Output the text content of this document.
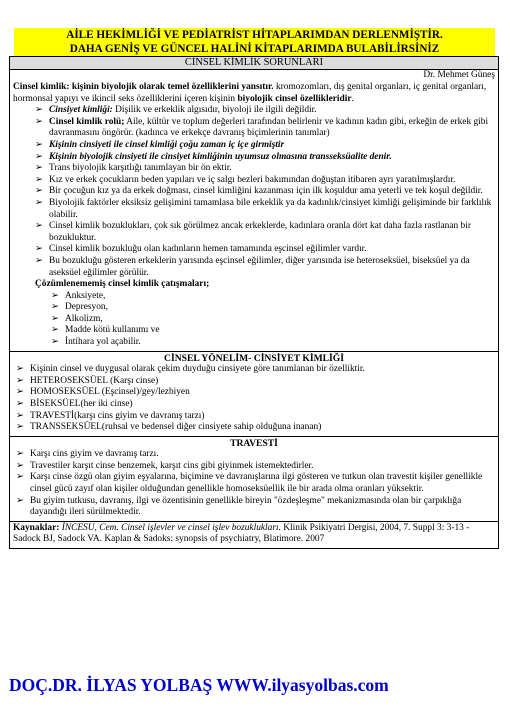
AİLE HEKİMLİĞİ VE PEDİATRİST HİTAPLARIMDAN DERLENMİŞTİR.
DAHA GENİŞ VE GÜNCEL HALİNİ KİTAPLARIMDA BULABİLİRSİNİZ
CİNSEL KİMLİK SORUNLARI
Dr. Mehmet Güneş
Cinsel kimlik: kişinin biyolojik olarak temel özelliklerini yansıtır. kromozomları, dış genital organları, iç genital organları, hormonsal yapıyı ve ikincil seks özelliklerini içeren kişinin biyolojik cinsel özellikleridir.
➢ Cinsiyet kimliği: Dişilik ve erkeklik algısıdır, biyoloji ile ilgili değildir.
➢ Cinsel kimlik rolü; Aile, kültür ve toplum değerleri tarafından belirlenir ve kadının kadın gibi, erkeğin de erkek gibi davranmasını öngörür. (kadınca ve erkekçe davranış biçimlerinin tanımlar)
➢ Kişinin cinsiyeti ile cinsel kimliği çoğu zaman iç içe girmiştir
➢ Kişinin biyolojik cinsiyeti ile cinsiyet kimliğinin uyumsuz olmasına transseksüalite denir.
➢ Trans biyolojik karşıtlığı tanımlayan bir ön ektir.
➢ Kız ve erkek çocukların beden yapıları ve iç salgı bezleri bakımından doğuştan itibaren ayrı yaratılmışlardır.
➢ Bir çocuğun kız ya da erkek doğması, cinsel kimliğini kazanması için ilk koşuldur ama yeterli ve tek koşul değildir.
➢ Biyolojik faktörler eksiksiz gelişimini tamamlasa bile erkeklik ya da kadınlık/cinsiyet kimliği gelişiminde bir farklılık olabilir.
➢ Cinsel kimlik bozuklukları, çok sık görülmez ancak erkeklerde, kadınlara oranla dört kat daha fazla rastlanan bir bozukluktur.
➢ Cinsel kimlik bozukluğu olan kadınların hemen tamamında eşcinsel eğilimler vardır.
➢ Bu bozukluğu gösteren erkeklerin yarısında eşcinsel eğilimler, diğer yarısında ise heteroseksüel, biseksüel ya da aseksüel eğilimler görülür.
Çözümlenememiş cinsel kimlik çatışmaları;
➢ Anksiyete,
➢ Depresyon,
➢ Alkolizm,
➢ Madde kötü kullanımı ve
➢ İntihara yol açabilir.
CİNSEL YÖNELİM- CİNSİYET KİMLİĞİ
➢ Kişinin cinsel ve duygusal olarak çekim duyduğu cinsiyete göre tanımlanan bir özelliktir.
➢ HETEROSEKSÜEL (Karşı cinse)
➢ HOMOSEKSÜEL (Eşcinsel)/gey/lezbiyen
➢ BİSEKSÜEL(her iki cinse)
➢ TRAVESTİ(karşı cins giyim ve davranış tarzı)
➢ TRANSSEKSÜEL(ruhsal ve bedensel diğer cinsiyete sahip olduğuna inanan)
TRAVESTİ
➢ Karşı cins giyim ve davranış tarzı.
➢ Travestiler karşıt cinse benzemek, karşıt cins gibi giyinmek istemektedirler.
➢ Karşı cinse özgü olan giyim eşyalarına, biçimine ve davranışlarına ilgi gösteren ve tutkun olan travestit kişiler genellikle cinsel gücü zayıf olan kişiler olduğundan genellikle homoseksüellik ile bir arada olma oranları yüksektir.
➢ Bu giyim tutkusu, davranış, ilgi ve özentisinin genellikle bireyin "özdeşleşme" mekanizmasında olan bir çarpıklığa dayandığı ileri sürülmektedir.
Kaynaklar: İNCESU, Cem. Cinsel işlevler ve cinsel işlev bozuklukları. Klinik Psikiyatri Dergisi, 2004, 7. Suppl 3: 3-13 - Sadock BJ, Sadock VA. Kaplan & Sadoks: synopsis of psychiatry, Blatimore. 2007
DOÇ.DR. İLYAS YOLBAŞ WWW.ilyasyolbas.com
